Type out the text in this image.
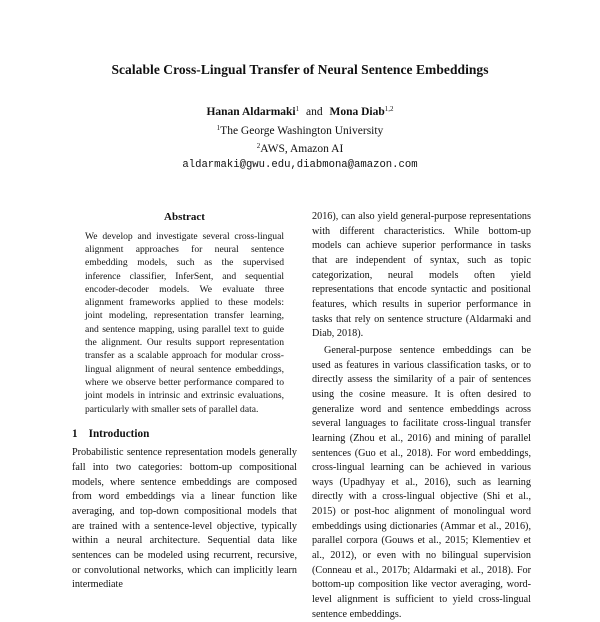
Scalable Cross-Lingual Transfer of Neural Sentence Embeddings
Hanan Aldarmaki$^1$ and Mona Diab$^{1,2}$
$^1$The George Washington University
$^2$AWS, Amazon AI
aldarmaki@gwu.edu,diabmona@amazon.com
Abstract

We develop and investigate several cross-lingual alignment approaches for neural sentence embedding models, such as the supervised inference classifier, InferSent, and sequential encoder-decoder models. We evaluate three alignment frameworks applied to these models: joint modeling, representation transfer learning, and sentence mapping, using parallel text to guide the alignment. Our results support representation transfer as a scalable approach for modular cross-lingual alignment of neural sentence embeddings, where we observe better performance compared to joint models in intrinsic and extrinsic evaluations, particularly with smaller sets of parallel data.

1 Introduction

Probabilistic sentence representation models generally fall into two categories: bottom-up compositional models, where sentence embeddings are composed from word embeddings via a linear function like averaging, and top-down compositional models that are trained with a sentence-level objective, typically within a neural architecture. Sequential data like sentences can be modeled using recurrent, recursive, or convolutional networks, which can implicitly learn intermediate

2016), can also yield general-purpose representations with different characteristics. While bottom-up models can achieve superior performance in tasks that are independent of syntax, such as topic categorization, neural models often yield representations that encode syntactic and positional features, which results in superior performance in tasks that rely on sentence structure (Aldarmaki and Diab, 2018).

General-purpose sentence embeddings can be used as features in various classification tasks, or to directly assess the similarity of a pair of sentences using the cosine measure. It is often desired to generalize word and sentence embeddings across several languages to facilitate cross-lingual transfer learning (Zhou et al., 2016) and mining of parallel sentences (Guo et al., 2018). For word embeddings, cross-lingual learning can be achieved in various ways (Upadhyay et al., 2016), such as learning directly with a cross-lingual objective (Shi et al., 2015) or post-hoc alignment of monolingual word embeddings using dictionaries (Ammar et al., 2016), parallel corpora (Gouws et al., 2015; Klementiev et al., 2012), or even with no bilingual supervision (Conneau et al., 2017b; Aldarmaki et al., 2018). For bottom-up composition like vector averaging, word-level alignment is sufficient to yield cross-lingual sentence embeddings.
